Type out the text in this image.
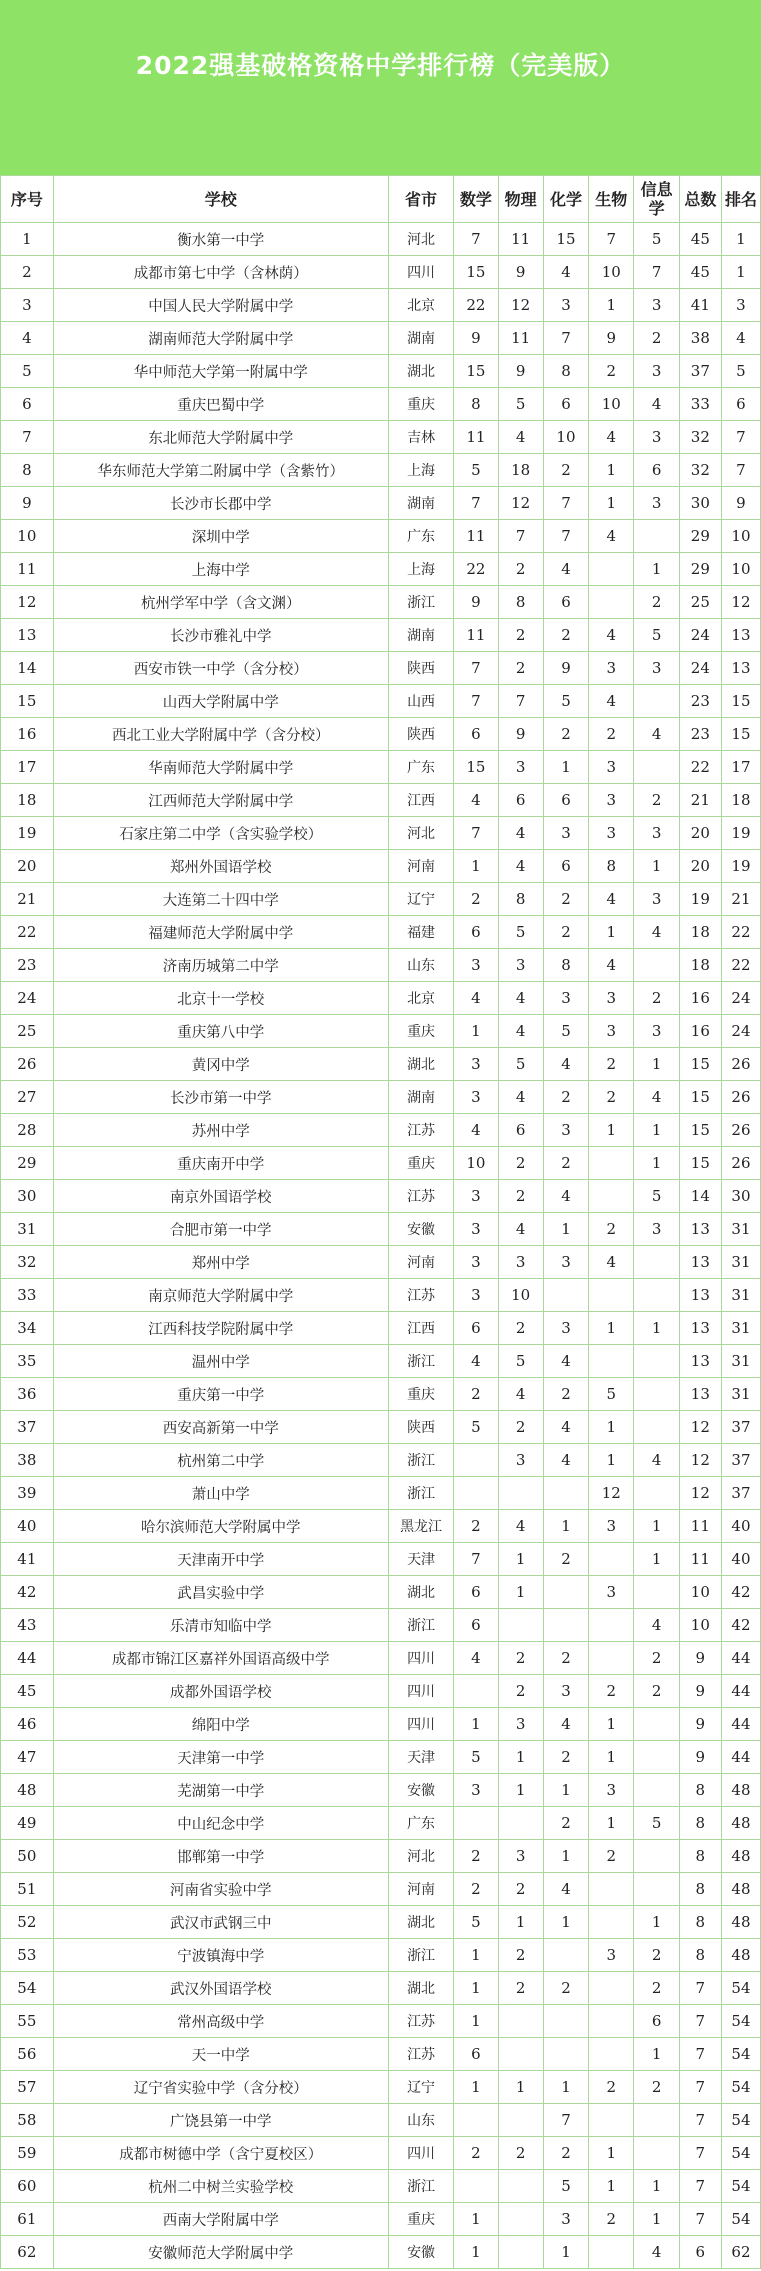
2022强基破格资格中学排行榜（完美版）
序号	学校	省市	数学	物理	化学	生物	信息学	总数	排名
1	衡水第一中学	河北	7	11	15	7	5	45	1
2	成都市第七中学（含林荫）	四川	15	9	4	10	7	45	1
3	中国人民大学附属中学	北京	22	12	3	1	3	41	3
4	湖南师范大学附属中学	湖南	9	11	7	9	2	38	4
5	华中师范大学第一附属中学	湖北	15	9	8	2	3	37	5
6	重庆巴蜀中学	重庆	8	5	6	10	4	33	6
7	东北师范大学附属中学	吉林	11	4	10	4	3	32	7
8	华东师范大学第二附属中学（含紫竹）	上海	5	18	2	1	6	32	7
9	长沙市长郡中学	湖南	7	12	7	1	3	30	9
10	深圳中学	广东	11	7	7	4		29	10
11	上海中学	上海	22	2	4		1	29	10
12	杭州学军中学（含文渊）	浙江	9	8	6		2	25	12
13	长沙市雅礼中学	湖南	11	2	2	4	5	24	13
14	西安市铁一中学（含分校）	陕西	7	2	9	3	3	24	13
15	山西大学附属中学	山西	7	7	5	4		23	15
16	西北工业大学附属中学（含分校）	陕西	6	9	2	2	4	23	15
17	华南师范大学附属中学	广东	15	3	1	3		22	17
18	江西师范大学附属中学	江西	4	6	6	3	2	21	18
19	石家庄第二中学（含实验学校）	河北	7	4	3	3	3	20	19
20	郑州外国语学校	河南	1	4	6	8	1	20	19
21	大连第二十四中学	辽宁	2	8	2	4	3	19	21
22	福建师范大学附属中学	福建	6	5	2	1	4	18	22
23	济南历城第二中学	山东	3	3	8	4		18	22
24	北京十一学校	北京	4	4	3	3	2	16	24
25	重庆第八中学	重庆	1	4	5	3	3	16	24
26	黄冈中学	湖北	3	5	4	2	1	15	26
27	长沙市第一中学	湖南	3	4	2	2	4	15	26
28	苏州中学	江苏	4	6	3	1	1	15	26
29	重庆南开中学	重庆	10	2	2		1	15	26
30	南京外国语学校	江苏	3	2	4		5	14	30
31	合肥市第一中学	安徽	3	4	1	2	3	13	31
32	郑州中学	河南	3	3	3	4		13	31
33	南京师范大学附属中学	江苏	3	10				13	31
34	江西科技学院附属中学	江西	6	2	3	1	1	13	31
35	温州中学	浙江	4	5	4			13	31
36	重庆第一中学	重庆	2	4	2	5		13	31
37	西安高新第一中学	陕西	5	2	4	1		12	37
38	杭州第二中学	浙江		3	4	1	4	12	37
39	萧山中学	浙江				12		12	37
40	哈尔滨师范大学附属中学	黑龙江	2	4	1	3	1	11	40
41	天津南开中学	天津	7	1	2		1	11	40
42	武昌实验中学	湖北	6	1		3		10	42
43	乐清市知临中学	浙江	6				4	10	42
44	成都市锦江区嘉祥外国语高级中学	四川	4	2	2		2	9	44
45	成都外国语学校	四川		2	3	2	2	9	44
46	绵阳中学	四川	1	3	4	1		9	44
47	天津第一中学	天津	5	1	2	1		9	44
48	芜湖第一中学	安徽	3	1	1	3		8	48
49	中山纪念中学	广东			2	1	5	8	48
50	邯郸第一中学	河北	2	3	1	2		8	48
51	河南省实验中学	河南	2	2	4			8	48
52	武汉市武钢三中	湖北	5	1	1		1	8	48
53	宁波镇海中学	浙江	1	2		3	2	8	48
54	武汉外国语学校	湖北	1	2	2		2	7	54
55	常州高级中学	江苏	1				6	7	54
56	天一中学	江苏	6				1	7	54
57	辽宁省实验中学（含分校）	辽宁	1	1	1	2	2	7	54
58	广饶县第一中学	山东			7			7	54
59	成都市树德中学（含宁夏校区）	四川	2	2	2	1		7	54
60	杭州二中树兰实验学校	浙江			5	1	1	7	54
61	西南大学附属中学	重庆	1		3	2	1	7	54
62	安徽师范大学附属中学	安徽	1		1		4	6	62
